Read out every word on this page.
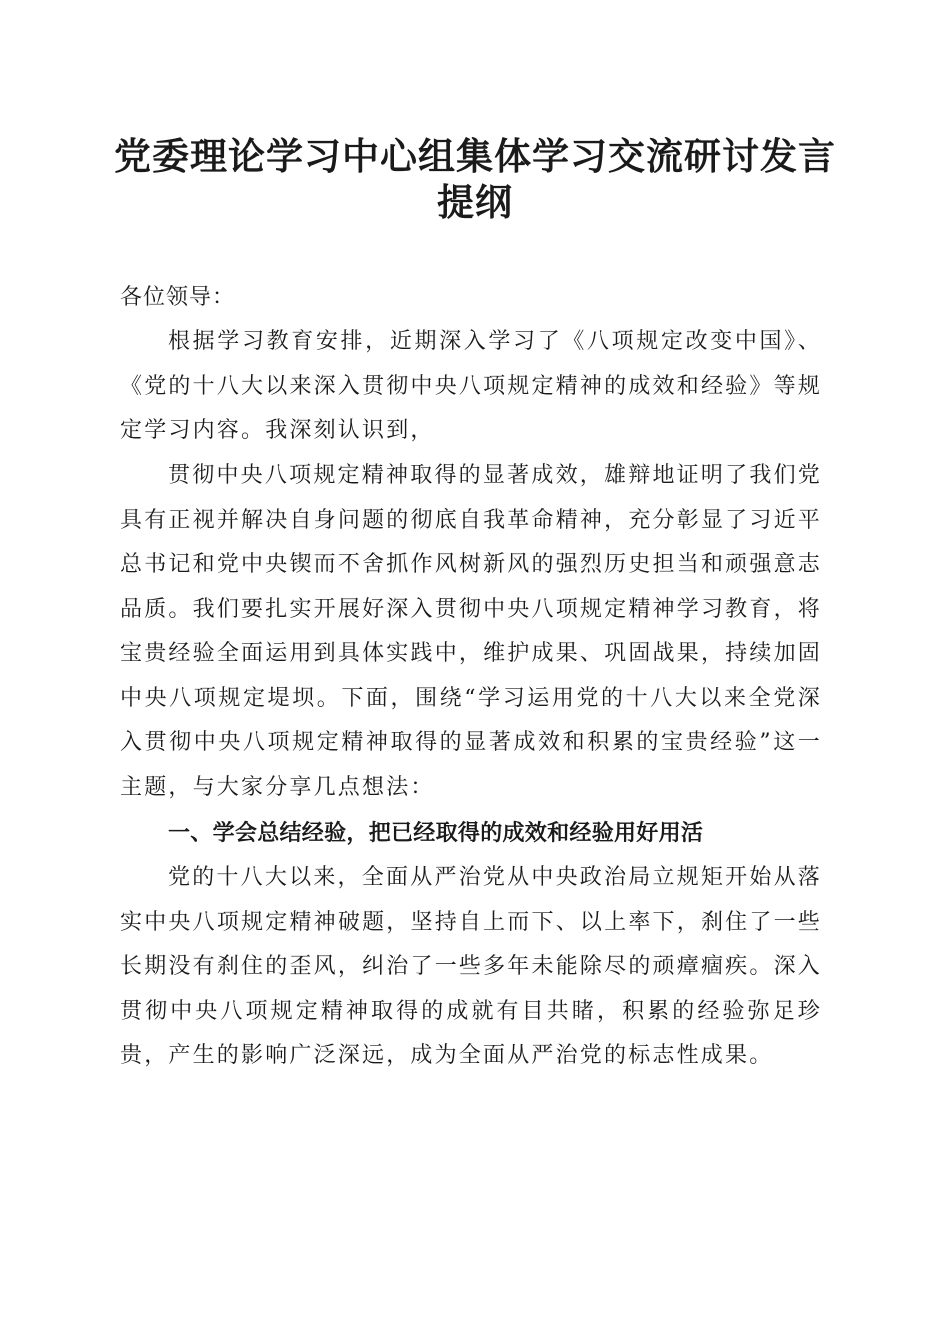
党委理论学习中心组集体学习交流研讨发言提纲

各位领导：

根据学习教育安排，近期深入学习了《八项规定改变中国》、《党的十八大以来深入贯彻中央八项规定精神的成效和经验》等规定学习内容。我深刻认识到，

贯彻中央八项规定精神取得的显著成效，雄辩地证明了我们党具有正视并解决自身问题的彻底自我革命精神，充分彰显了习近平总书记和党中央锲而不舍抓作风树新风的强烈历史担当和顽强意志品质。我们要扎实开展好深入贯彻中央八项规定精神学习教育，将宝贵经验全面运用到具体实践中，维护成果、巩固战果，持续加固中央八项规定堤坝。下面，围绕“学习运用党的十八大以来全党深入贯彻中央八项规定精神取得的显著成效和积累的宝贵经验”这一主题，与大家分享几点想法：

一、学会总结经验，把已经取得的成效和经验用好用活

党的十八大以来，全面从严治党从中央政治局立规矩开始从落实中央八项规定精神破题，坚持自上而下、以上率下，刹住了一些长期没有刹住的歪风，纠治了一些多年未能除尽的顽瘴痼疾。深入贯彻中央八项规定精神取得的成就有目共睹，积累的经验弥足珍贵，产生的影响广泛深远，成为全面从严治党的标志性成果。
